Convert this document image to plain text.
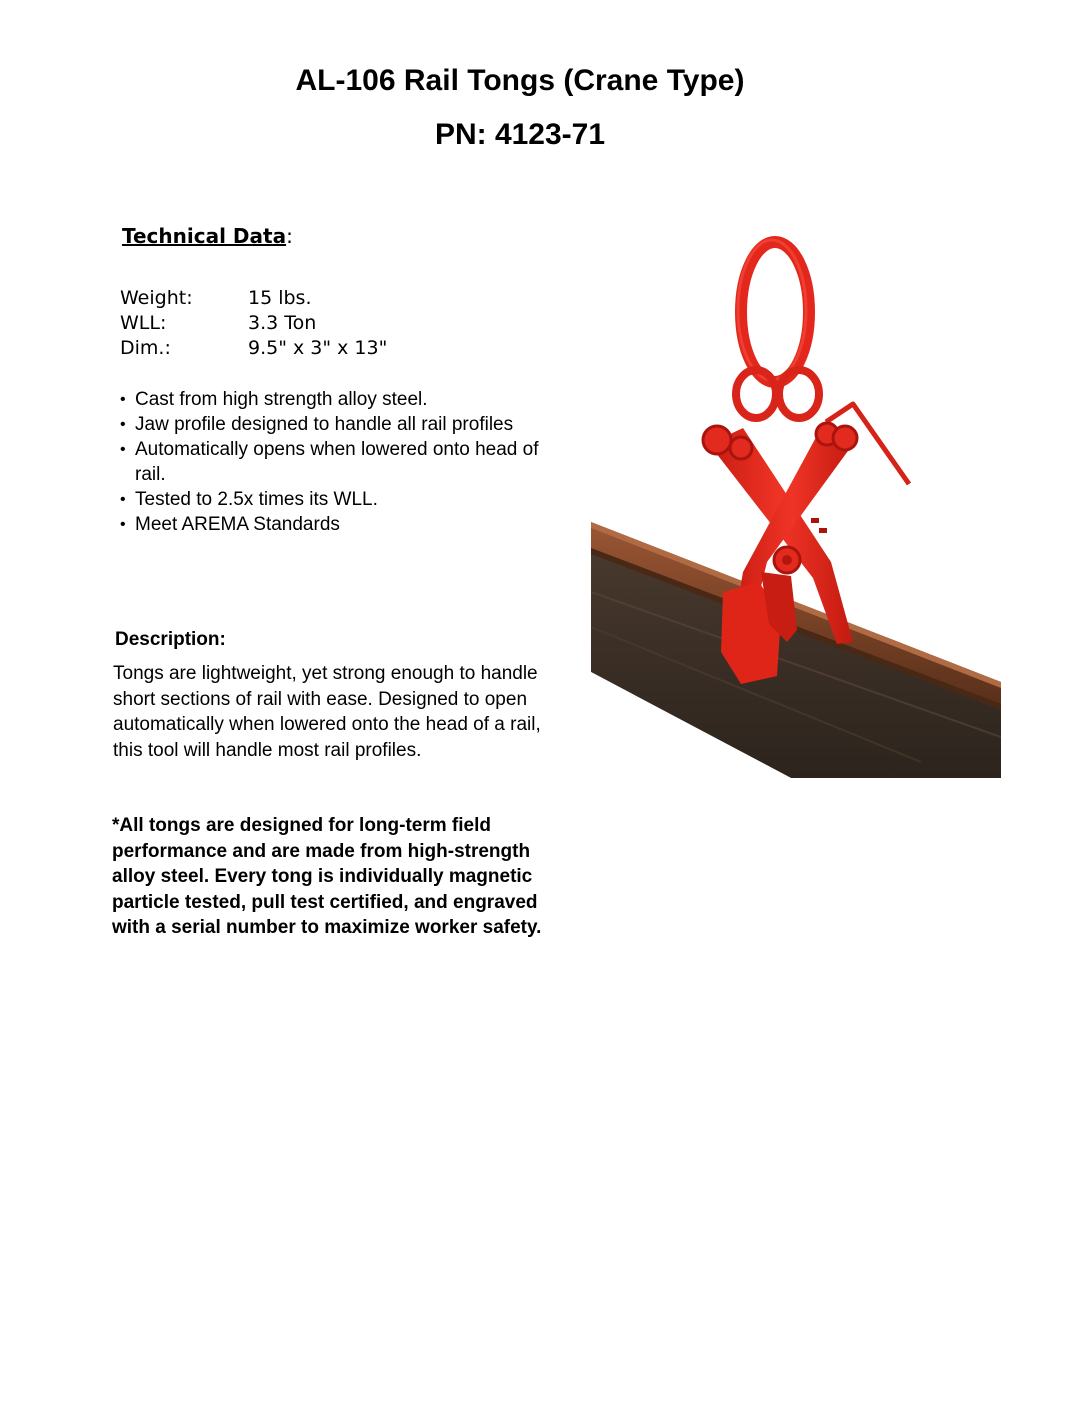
AL-106 Rail Tongs (Crane Type)
PN: 4123-71
Technical Data:
Weight:	15 lbs.
WLL:	3.3 Ton
Dim.:	9.5" x 3" x 13"
• Cast from high strength alloy steel.
• Jaw profile designed to handle all rail profiles
• Automatically opens when lowered onto head of rail.
• Tested to 2.5x times its WLL.
• Meet AREMA Standards
Description:
Tongs are lightweight, yet strong enough to handle short sections of rail with ease. Designed to open automatically when lowered onto the head of a rail, this tool will handle most rail profiles.
*All tongs are designed for long-term field performance and are made from high-strength alloy steel. Every tong is individually magnetic particle tested, pull test certified, and engraved with a serial number to maximize worker safety.
